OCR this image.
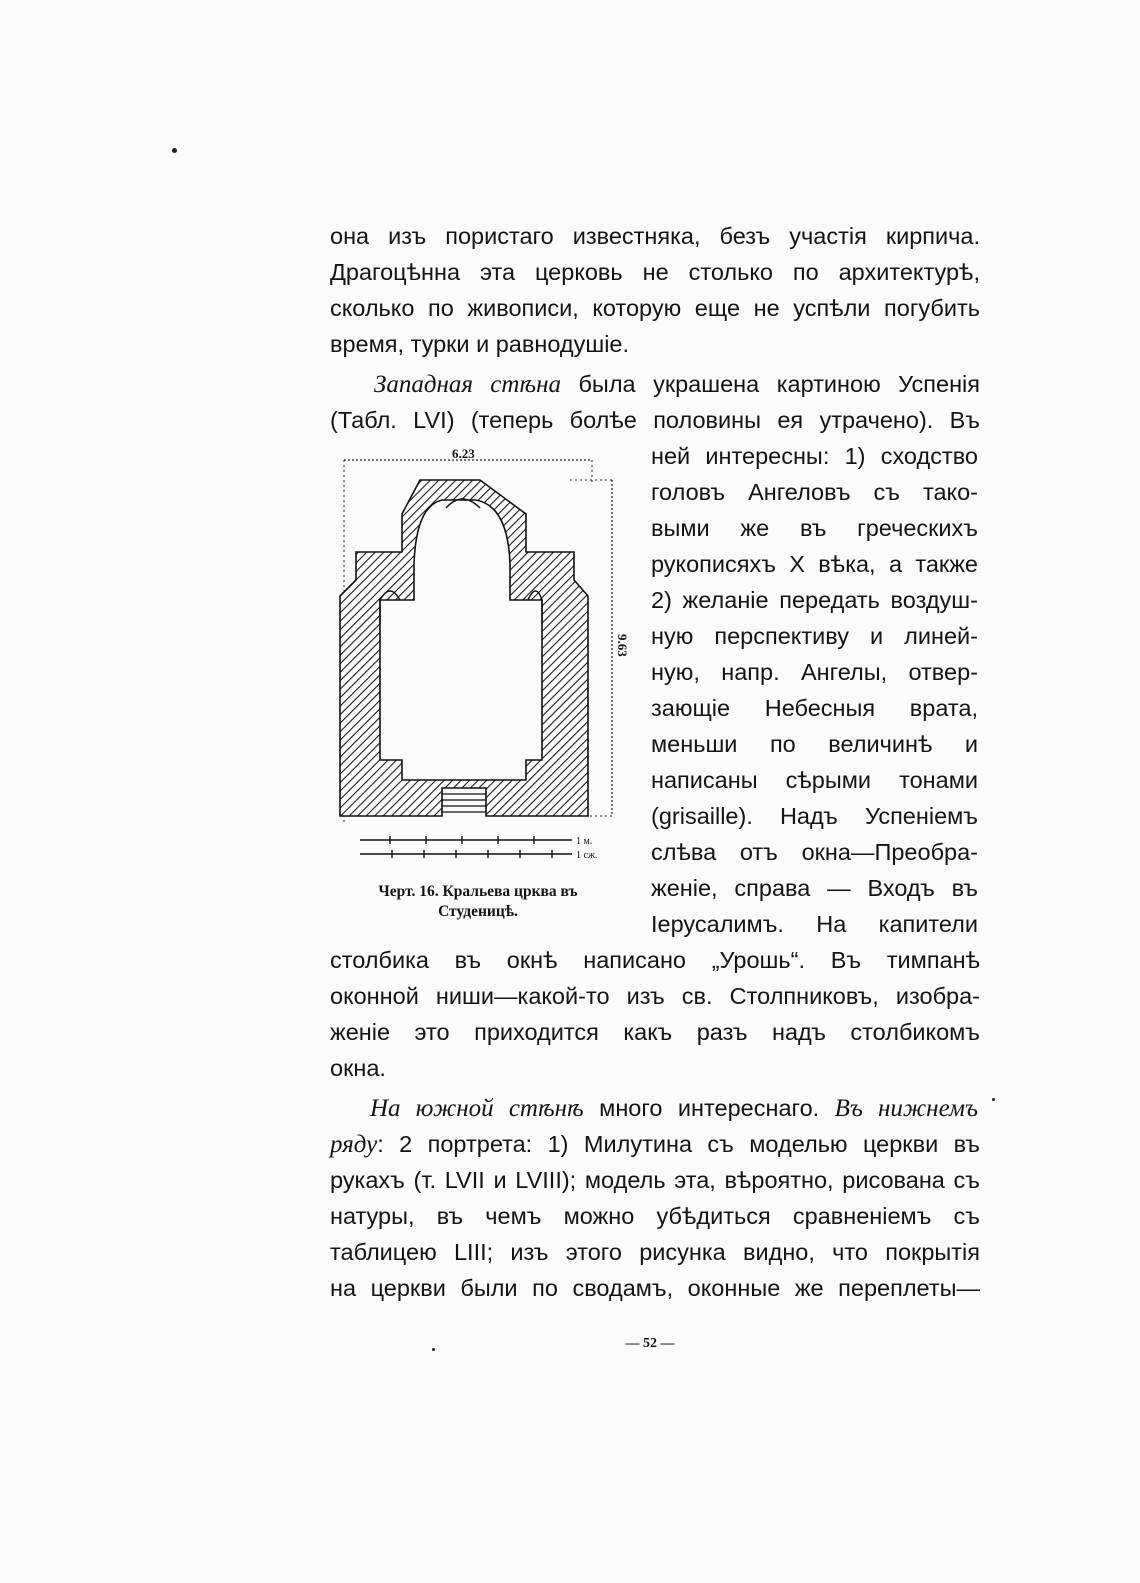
она изъ пористаго известняка, безъ участія кирпича.
Драгоцѣнна эта церковь не столько по архитектурѣ,
сколько по живописи, которую еще не успѣли погубить
время, турки и равнодушіе.
Западная стѣна была украшена картиною Успенія
(Табл. LVI) (теперь болѣе половины ея утрачено). Въ
ней интересны: 1) сходство
головъ Ангеловъ съ тако-
выми же въ греческихъ
рукописяхъ X вѣка, а также
2) желаніе передать воздуш-
ную перспективу и линей-
ную, напр. Ангелы, отвер-
зающіе Небесныя врата,
меньши по величинѣ и
написаны сѣрыми тонами
(grisaille). Надъ Успеніемъ
слѣва отъ окна—Преобра-
женіе, справа — Входъ въ
Іерусалимъ. На капители
6.23
9.63
1 м.
1 сж.
Черт. 16. Кральева црква въ
Студеницѣ.
столбика въ окнѣ написано „Урошь“. Въ тимпанѣ
оконной ниши—какой-то изъ св. Столпниковъ, изобра-
женіе это приходится какъ разъ надъ столбикомъ
окна.
На южной стѣнѣ много интереснаго. Въ нижнемъ
ряду: 2 портрета: 1) Милутина съ моделью церкви въ
рукахъ (т. LVII и LVIII); модель эта, вѣроятно, рисована съ
натуры, въ чемъ можно убѣдиться сравненіемъ съ
таблицею LIII; изъ этого рисунка видно, что покрытія
на церкви были по сводамъ, оконные же переплеты—
— 52 —
